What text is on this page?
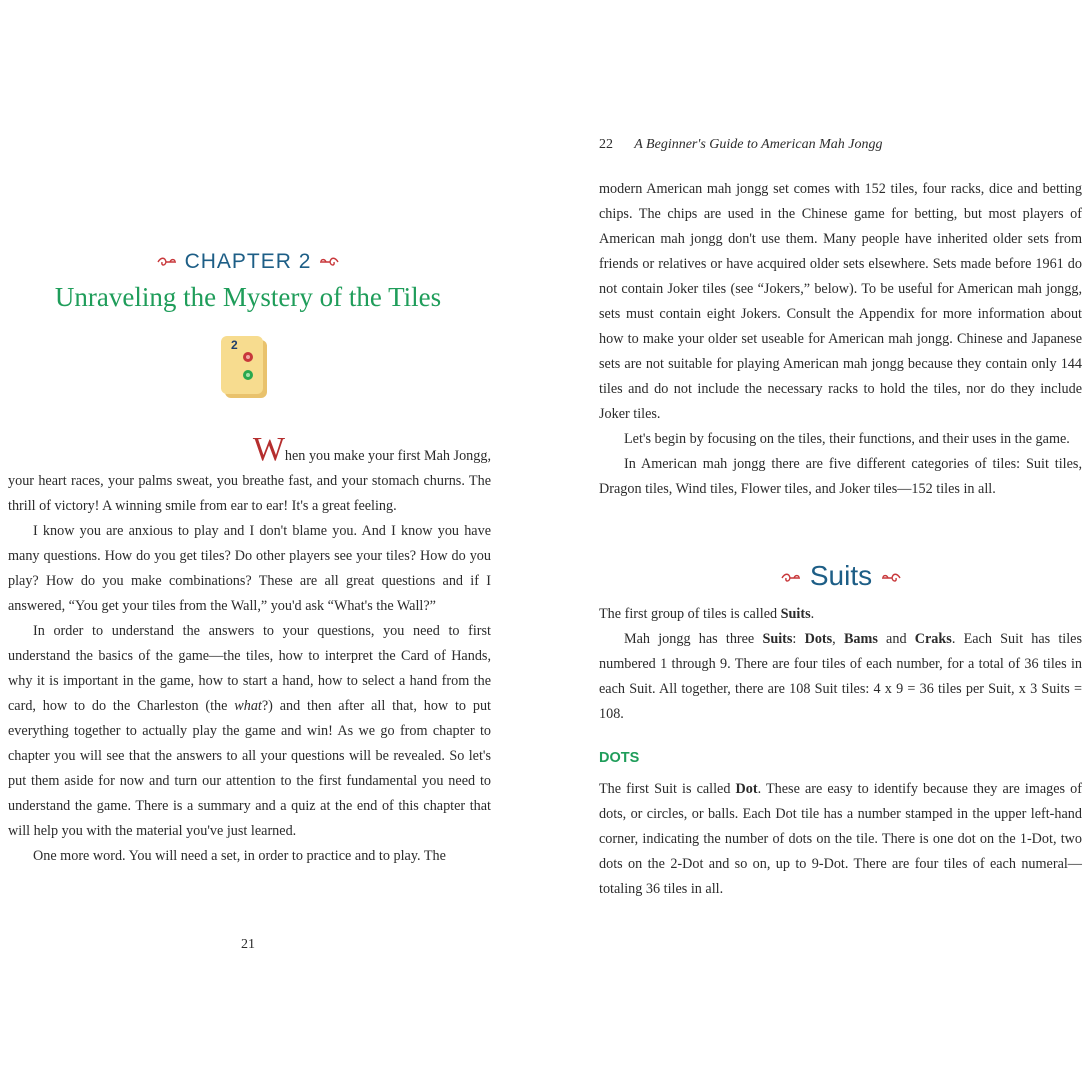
CHAPTER 2
Unraveling the Mystery of the Tiles
2

When you make your first Mah Jongg,

your heart races, your palms sweat, you breathe fast, and your stomach churns. The thrill of victory! A winning smile from ear to ear! It's a great feeling.

I know you are anxious to play and I don't blame you. And I know you have many questions. How do you get tiles? Do other players see your tiles? How do you play? How do you make combinations? These are all great questions and if I answered, “You get your tiles from the Wall,” you'd ask “What's the Wall?”

In order to understand the answers to your questions, you need to first understand the basics of the game—the tiles, how to interpret the Card of Hands, why it is important in the game, how to start a hand, how to select a hand from the card, how to do the Charleston (the what?) and then after all that, how to put everything together to actually play the game and win! As we go from chapter to chapter you will see that the answers to all your questions will be revealed. So let's put them aside for now and turn our attention to the first fundamental you need to understand the game. There is a summary and a quiz at the end of this chapter that will help you with the material you've just learned.

One more word. You will need a set, in order to practice and to play. The

21
22 A Beginner's Guide to American Mah Jongg

modern American mah jongg set comes with 152 tiles, four racks, dice and betting chips. The chips are used in the Chinese game for betting, but most players of American mah jongg don't use them. Many people have inherited older sets from friends or relatives or have acquired older sets elsewhere. Sets made before 1961 do not contain Joker tiles (see “Jokers,” below). To be useful for American mah jongg, sets must contain eight Jokers. Consult the Appendix for more information about how to make your older set useable for American mah jongg. Chinese and Japanese sets are not suitable for playing American mah jongg because they contain only 144 tiles and do not include the necessary racks to hold the tiles, nor do they include Joker tiles.

Let's begin by focusing on the tiles, their functions, and their uses in the game.

In American mah jongg there are five different categories of tiles: Suit tiles, Dragon tiles, Wind tiles, Flower tiles, and Joker tiles—152 tiles in all.

Suits

The first group of tiles is called Suits.

Mah jongg has three Suits: Dots, Bams and Craks. Each Suit has tiles numbered 1 through 9. There are four tiles of each number, for a total of 36 tiles in each Suit. All together, there are 108 Suit tiles: 4 x 9 = 36 tiles per Suit, x 3 Suits = 108.

DOTS

The first Suit is called Dot. These are easy to identify because they are images of dots, or circles, or balls. Each Dot tile has a number stamped in the upper left-hand corner, indicating the number of dots on the tile. There is one dot on the 1-Dot, two dots on the 2-Dot and so on, up to 9-Dot. There are four tiles of each numeral—totaling 36 tiles in all.
